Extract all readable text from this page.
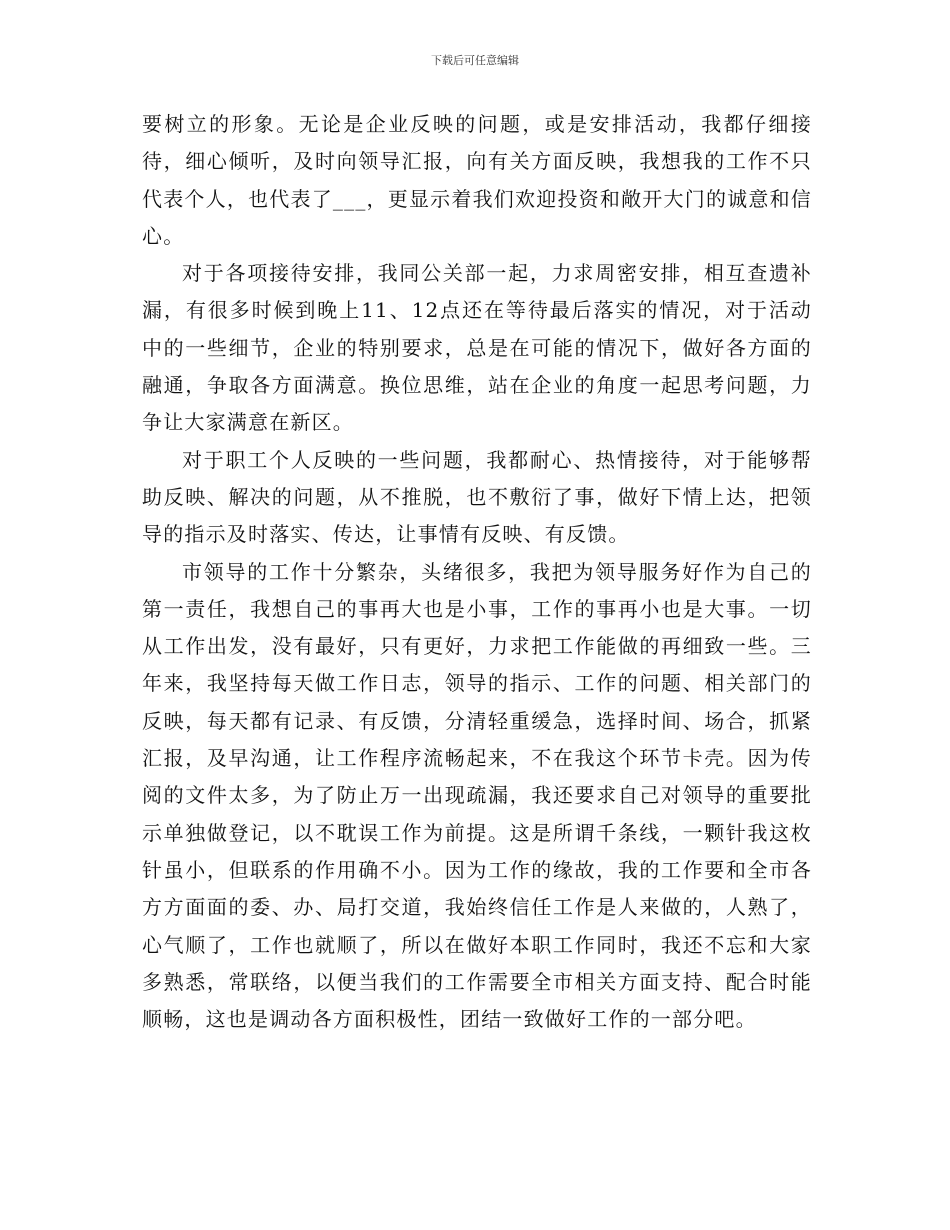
下载后可任意编辑

要树立的形象。无论是企业反映的问题，或是安排活动，我都仔细接待，细心倾听，及时向领导汇报，向有关方面反映，我想我的工作不只代表个人，也代表了___，更显示着我们欢迎投资和敞开大门的诚意和信心。

对于各项接待安排，我同公关部一起，力求周密安排，相互查遗补漏，有很多时候到晚上11、12点还在等待最后落实的情况，对于活动中的一些细节，企业的特别要求，总是在可能的情况下，做好各方面的融通，争取各方面满意。换位思维，站在企业的角度一起思考问题，力争让大家满意在新区。

对于职工个人反映的一些问题，我都耐心、热情接待，对于能够帮助反映、解决的问题，从不推脱，也不敷衍了事，做好下情上达，把领导的指示及时落实、传达，让事情有反映、有反馈。

市领导的工作十分繁杂，头绪很多，我把为领导服务好作为自己的第一责任，我想自己的事再大也是小事，工作的事再小也是大事。一切从工作出发，没有最好，只有更好，力求把工作能做的再细致一些。三年来，我坚持每天做工作日志，领导的指示、工作的问题、相关部门的反映，每天都有记录、有反馈，分清轻重缓急，选择时间、场合，抓紧汇报，及早沟通，让工作程序流畅起来，不在我这个环节卡壳。因为传阅的文件太多，为了防止万一出现疏漏，我还要求自己对领导的重要批示单独做登记，以不耽误工作为前提。这是所谓千条线，一颗针我这枚针虽小，但联系的作用确不小。因为工作的缘故，我的工作要和全市各方方面面的委、办、局打交道，我始终信任工作是人来做的，人熟了，心气顺了，工作也就顺了，所以在做好本职工作同时，我还不忘和大家多熟悉，常联络，以便当我们的工作需要全市相关方面支持、配合时能顺畅，这也是调动各方面积极性，团结一致做好工作的一部分吧。
